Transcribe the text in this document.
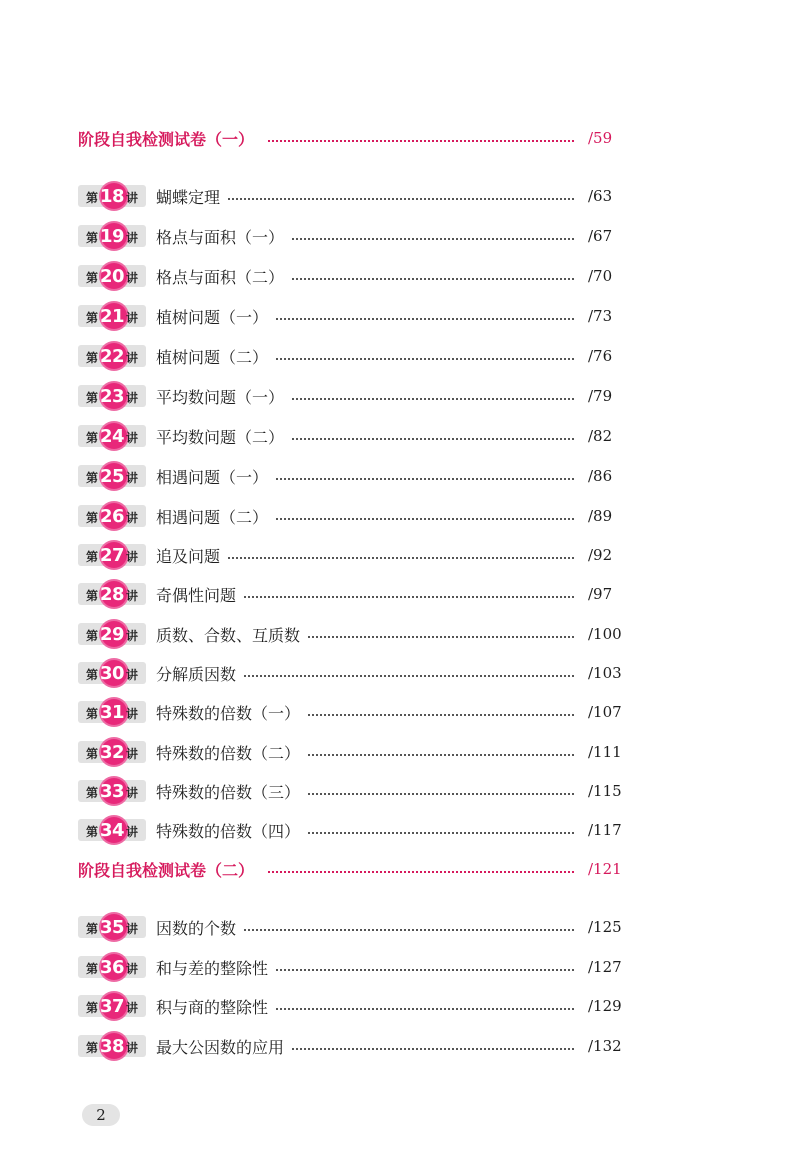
阶段自我检测试卷（一）	/59
第 18 讲 蝴蝶定理	/63
第 19 讲 格点与面积（一）	/67
第 20 讲 格点与面积（二）	/70
第 21 讲 植树问题（一）	/73
第 22 讲 植树问题（二）	/76
第 23 讲 平均数问题（一）	/79
第 24 讲 平均数问题（二）	/82
第 25 讲 相遇问题（一）	/86
第 26 讲 相遇问题（二）	/89
第 27 讲 追及问题	/92
第 28 讲 奇偶性问题	/97
第 29 讲 质数、合数、互质数	/100
第 30 讲 分解质因数	/103
第 31 讲 特殊数的倍数（一）	/107
第 32 讲 特殊数的倍数（二）	/111
第 33 讲 特殊数的倍数（三）	/115
第 34 讲 特殊数的倍数（四）	/117
阶段自我检测试卷（二）	/121
第 35 讲 因数的个数	/125
第 36 讲 和与差的整除性	/127
第 37 讲 积与商的整除性	/129
第 38 讲 最大公因数的应用	/132
2
